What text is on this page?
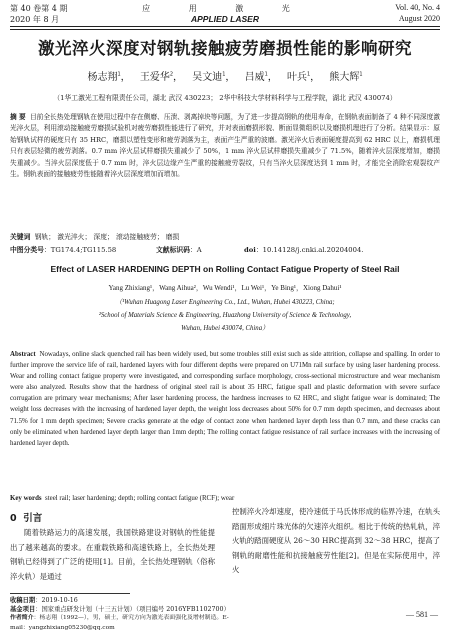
第 40 卷第 4 期	应 用 激 光	Vol. 40, No. 4
2020 年 8 月	APPLIED LASER	August 2020
激光淬火深度对钢轨接触疲劳磨损性能的影响研究
杨志翔$^1$， 王爱华$^2$， 吴文迪$^1$， 吕威$^1$， 叶兵$^1$， 熊大辉$^1$
（1华工激光工程有限责任公司，湖北 武汉 430223； 2华中科技大学材料科学与工程学院，湖北 武汉 430074）
摘 要 目前全长热处理钢轨在使用过程中存在侧磨、压溃、剥离掉块等问题，为了进一步提高钢轨的使用寿命，在钢轨表面制备了 4 种不同深度激光淬火层，利用滚动接触疲劳磨损试验机对疲劳磨损性能进行了研究，并对表面磨损形貌、断面显微组织以及磨损机理进行了分析。结果显示：原始钢轨试样的硬度只有 35 HRC，磨损以塑性变形和疲劳剥落为主，表面产生严重的波磨。激光淬火后表面硬度提高到 62 HRC 以上，磨损机理只有表层轻微的疲劳剥落。0.7 mm 淬火层试样磨损失重减少了 50%，1 mm 淬火层试样磨损失重减少了 71.5%，随着淬火层深度增加，磨损失重减少。当淬火层深度低于 0.7 mm 时，淬火层边缘产生严重的接触疲劳裂纹，只有当淬火层深度达到 1 mm 时，才能完全消除宏观裂纹产生。钢轨表面的接触疲劳性能随着淬火层深度增加而增加。
关键词 钢轨； 激光淬火； 深度； 滚动接触疲劳； 磨损
中图分类号：TG174.4;TG115.58	文献标识码：A	doi：10.14128/j.cnki.al.20204004.
Effect of LASER HARDENING DEPTH on Rolling Contact Fatigue Property of Steel Rail
Yang Zhixiang¹，Wang Aihua²，Wu Wendi¹，Lu Wei¹，Ye Bing¹，Xiong Dahui¹
（¹Wuhan Huagong Laser Engineering Co., Ltd., Wuhan, Hubei 430223, China;
²School of Materials Science & Engineering, Huazhong University of Science & Technology,
Wuhan, Hubei 430074, China）
Abstract Nowadays, online slack quenched rail has been widely used, but some troubles still exist such as side attrition, collapse and spalling. In order to further improve the service life of rail, hardened layers with four different depths were prepared on U71Mn rail surface by using laser hardening process. Wear and rolling contact fatigue property were investigated, and corresponding surface morphology, cross-sectional microstructure and wear mechanism were also analyzed. Results show that the hardness of original steel rail is about 35 HRC, fatigue spall and plastic deformation with severe surface corrugation are primary wear mechanisms; After laser hardening process, the hardness increases to 62 HRC, and slight fatigue wear is dominated; The weight loss decreases with the increasing of hardened layer depth, the weight loss decreases about 50% for 0.7 mm depth specimen, and decreases about 71.5% for 1 mm depth specimen; Severe cracks generate at the edge of contact zone when hardened layer depth less than 0.7 mm, and these cracks can only be eliminated when hardened layer depth larger than 1mm depth; The rolling contact fatigue resistance of rail surface increases with the increasing of hardened layer depth.
Key words steel rail; laser hardening; depth; rolling contact fatigue (RCF); wear
0 引言
随着铁路运力的高速发展，我国铁路建设对钢轨的性能提出了越来越高的要求。在重载铁路和高速铁路上，全长热处理钢轨已经得到了广泛的使用[1]。目前，全长热处理钢轨（俗称淬火轨）是通过
控制淬火冷却速度，使冷速低于马氏体形成的临界冷速，在轨头踏面形成细片珠光体的欠速淬火组织。相比于传统的热轧轨，淬火轨的踏面硬度从 26～30 HRC提高到 32～38 HRC，提高了钢轨的耐磨性能和抗接触疲劳性能[2]。但是在实际使用中，淬火
收稿日期：2019-10-16
基金项目：国家重点研发计划（十三五计划）（项目编号 2016YFB1102700）
作者简介：杨志翔（1992—），男，硕士，研究方向为激光表面强化及增材制造。E-mail：yangzhixiang05230@qq.com
— 581 —
